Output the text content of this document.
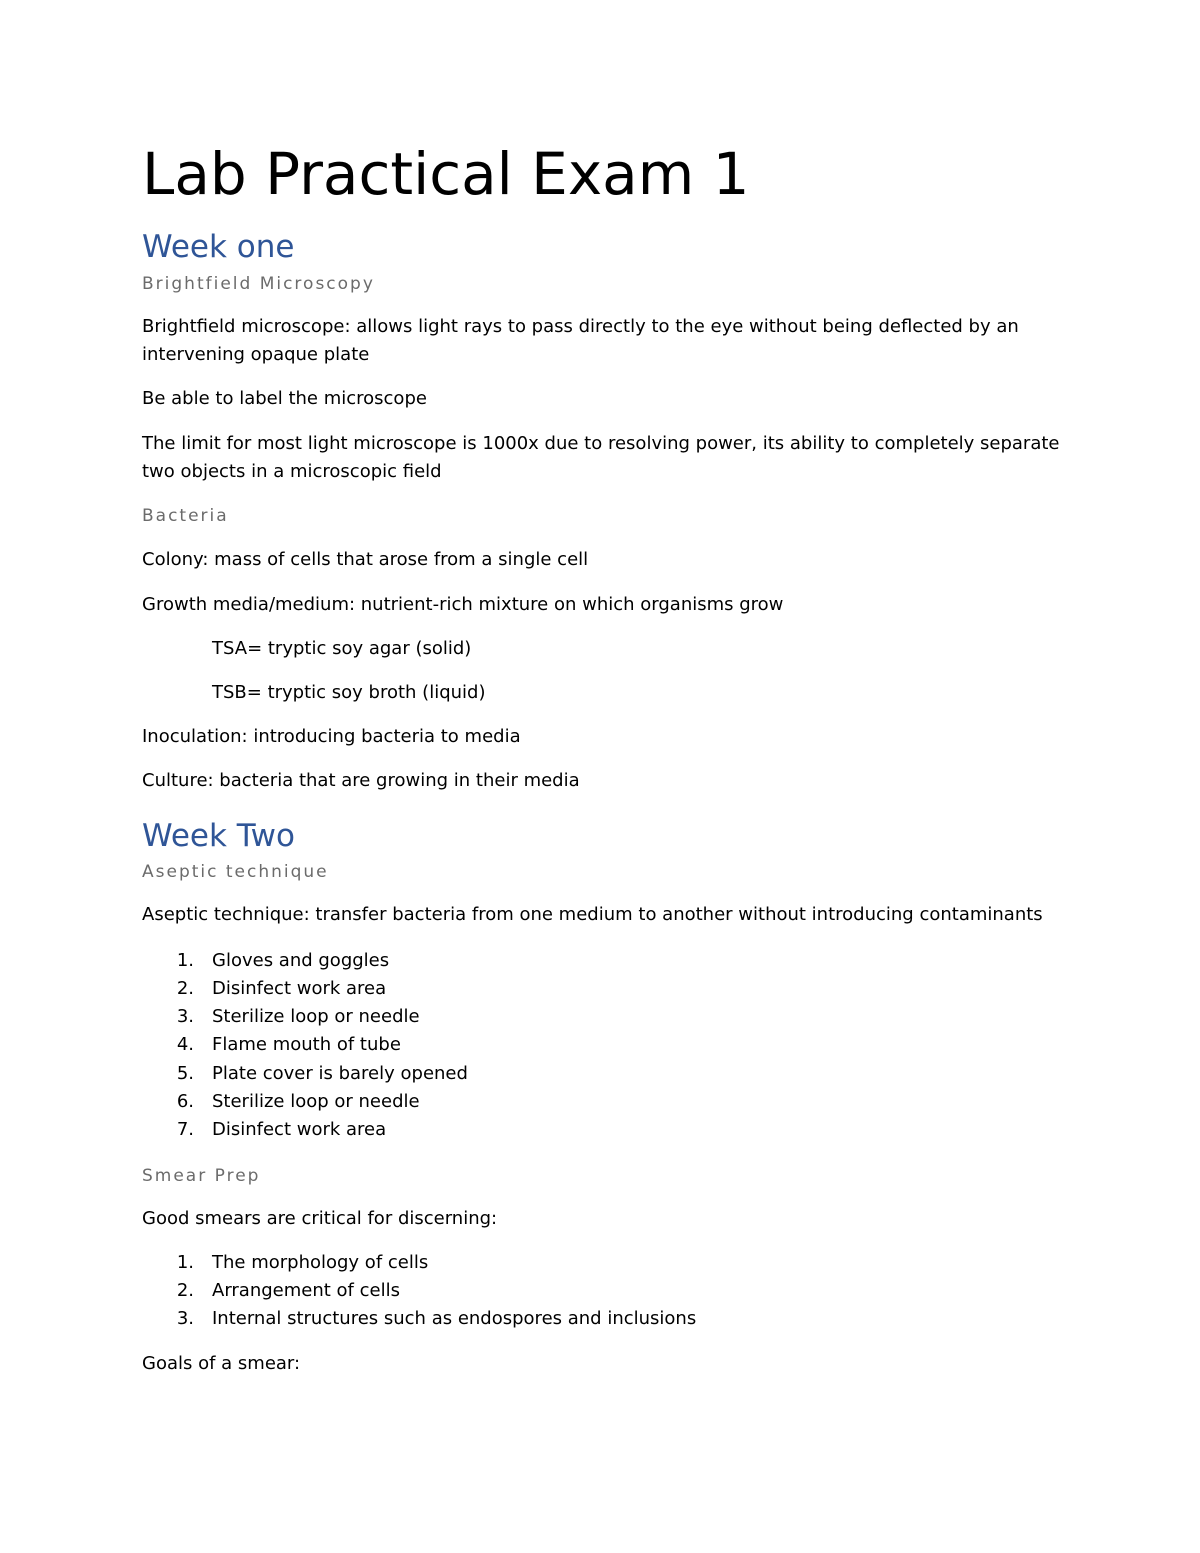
Lab Practical Exam 1
Week one
Brightfield Microscopy

Brightfield microscope: allows light rays to pass directly to the eye without being deflected by an

intervening opaque plate

Be able to label the microscope

The limit for most light microscope is 1000x due to resolving power, its ability to completely separate

two objects in a microscopic field

Bacteria

Colony: mass of cells that arose from a single cell

Growth media/medium: nutrient-rich mixture on which organisms grow

TSA= tryptic soy agar (solid)

TSB= tryptic soy broth (liquid)

Inoculation: introducing bacteria to media

Culture: bacteria that are growing in their media

Week Two
Aseptic technique

Aseptic technique: transfer bacteria from one medium to another without introducing contaminants

1. Gloves and goggles
2. Disinfect work area
3. Sterilize loop or needle
4. Flame mouth of tube
5. Plate cover is barely opened
6. Sterilize loop or needle
7. Disinfect work area
Smear Prep

Good smears are critical for discerning:

1. The morphology of cells
2. Arrangement of cells
3. Internal structures such as endospores and inclusions

Goals of a smear:
